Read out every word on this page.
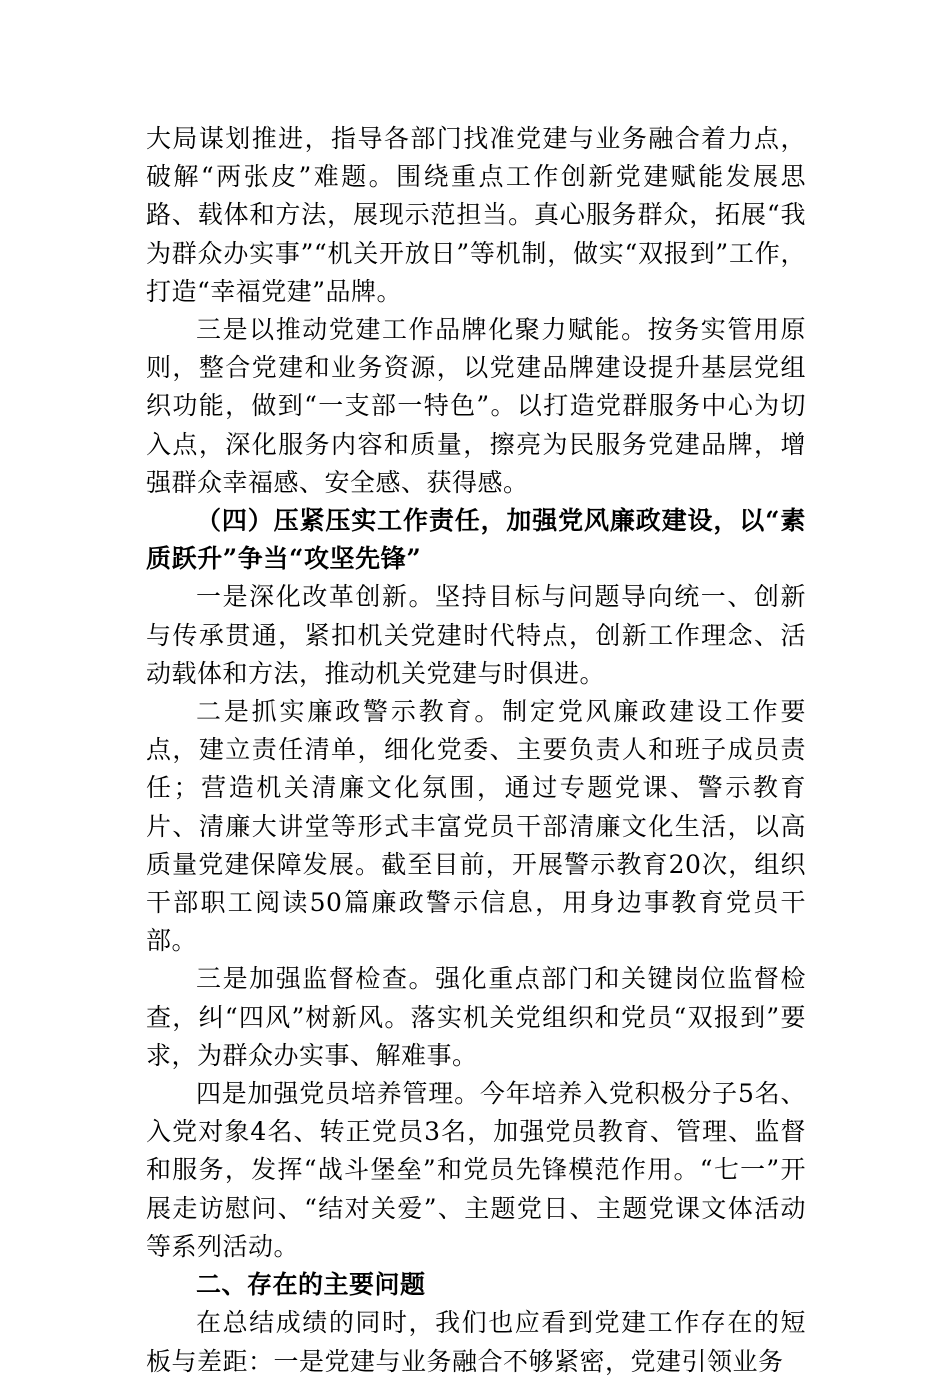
大局谋划推进，指导各部门找准党建与业务融合着力点，破解“两张皮”难题。围绕重点工作创新党建赋能发展思路、载体和方法，展现示范担当。真心服务群众，拓展“我为群众办实事”“机关开放日”等机制，做实“双报到”工作，打造“幸福党建”品牌。

三是以推动党建工作品牌化聚力赋能。按务实管用原则，整合党建和业务资源，以党建品牌建设提升基层党组织功能，做到“一支部一特色”。以打造党群服务中心为切入点，深化服务内容和质量，擦亮为民服务党建品牌，增强群众幸福感、安全感、获得感。

（四）压紧压实工作责任，加强党风廉政建设，以“素质跃升”争当“攻坚先锋”

一是深化改革创新。坚持目标与问题导向统一、创新与传承贯通，紧扣机关党建时代特点，创新工作理念、活动载体和方法，推动机关党建与时俱进。

二是抓实廉政警示教育。制定党风廉政建设工作要点，建立责任清单，细化党委、主要负责人和班子成员责任；营造机关清廉文化氛围，通过专题党课、警示教育片、清廉大讲堂等形式丰富党员干部清廉文化生活，以高质量党建保障发展。截至目前，开展警示教育20次，组织干部职工阅读50篇廉政警示信息，用身边事教育党员干部。

三是加强监督检查。强化重点部门和关键岗位监督检查，纠“四风”树新风。落实机关党组织和党员“双报到”要求，为群众办实事、解难事。

四是加强党员培养管理。今年培养入党积极分子5名、入党对象4名、转正党员3名，加强党员教育、管理、监督和服务，发挥“战斗堡垒”和党员先锋模范作用。“七一”开展走访慰问、“结对关爱”、主题党日、主题党课文体活动等系列活动。

二、存在的主要问题

在总结成绩的同时，我们也应看到党建工作存在的短板与差距：一是党建与业务融合不够紧密，党建引领业务
